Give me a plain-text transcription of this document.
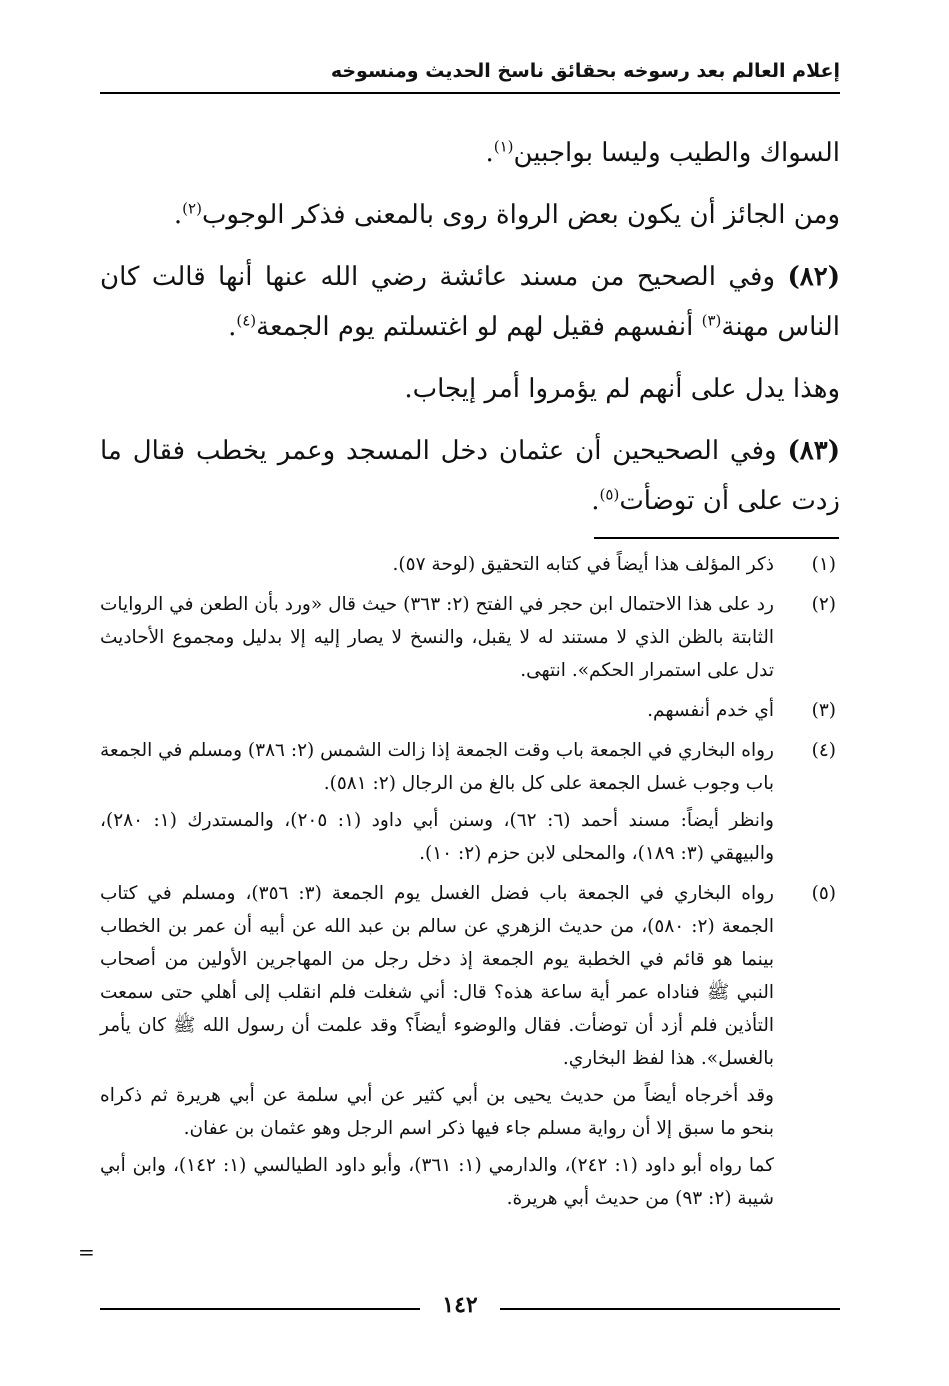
إعلام العالم بعد رسوخه بحقائق ناسخ الحديث ومنسوخه

السواك والطيب وليسا بواجبين$^{(١)}$.

ومن الجائز أن يكون بعض الرواة روى بالمعنى فذكر الوجوب$^{(٢)}$.

(٨٢) وفي الصحيح من مسند عائشة رضي الله عنها أنها قالت كان الناس مهنة$^{(٣)}$ أنفسهم فقيل لهم لو اغتسلتم يوم الجمعة$^{(٤)}$.

وهذا يدل على أنهم لم يؤمروا أمر إيجاب.

(٨٣) وفي الصحيحين أن عثمان دخل المسجد وعمر يخطب فقال ما زدت على أن توضأت$^{(٥)}$.

(١)

ذكر المؤلف هذا أيضاً في كتابه التحقيق (لوحة ٥٧).

(٢)

رد على هذا الاحتمال ابن حجر في الفتح (٢: ٣٦٣) حيث قال «ورد بأن الطعن في الروايات الثابتة بالظن الذي لا مستند له لا يقبل، والنسخ لا يصار إليه إلا بدليل ومجموع الأحاديث تدل على استمرار الحكم». انتهى.

(٣)

أي خدم أنفسهم.

(٤)

رواه البخاري في الجمعة باب وقت الجمعة إذا زالت الشمس (٢: ٣٨٦) ومسلم في الجمعة باب وجوب غسل الجمعة على كل بالغ من الرجال (٢: ٥٨١).

وانظر أيضاً: مسند أحمد (٦: ٦٢)، وسنن أبي داود (١: ٢٠٥)، والمستدرك (١: ٢٨٠)، والبيهقي (٣: ١٨٩)، والمحلى لابن حزم (٢: ١٠).

(٥)

رواه البخاري في الجمعة باب فضل الغسل يوم الجمعة (٣: ٣٥٦)، ومسلم في كتاب الجمعة (٢: ٥٨٠)، من حديث الزهري عن سالم بن عبد الله عن أبيه أن عمر بن الخطاب بينما هو قائم في الخطبة يوم الجمعة إذ دخل رجل من المهاجرين الأولين من أصحاب النبي ﷺ فناداه عمر أية ساعة هذه؟ قال: أني شغلت فلم انقلب إلى أهلي حتى سمعت التأذين فلم أزد أن توضأت. فقال والوضوء أيضاً؟ وقد علمت أن رسول الله ﷺ كان يأمر بالغسل». هذا لفظ البخاري.

وقد أخرجاه أيضاً من حديث يحيى بن أبي كثير عن أبي سلمة عن أبي هريرة ثم ذكراه بنحو ما سبق إلا أن رواية مسلم جاء فيها ذكر اسم الرجل وهو عثمان بن عفان.

كما رواه أبو داود (١: ٢٤٢)، والدارمي (١: ٣٦١)، وأبو داود الطيالسي (١: ١٤٢)، وابن أبي شيبة (٢: ٩٣) من حديث أبي هريرة.

=
١٤٢
